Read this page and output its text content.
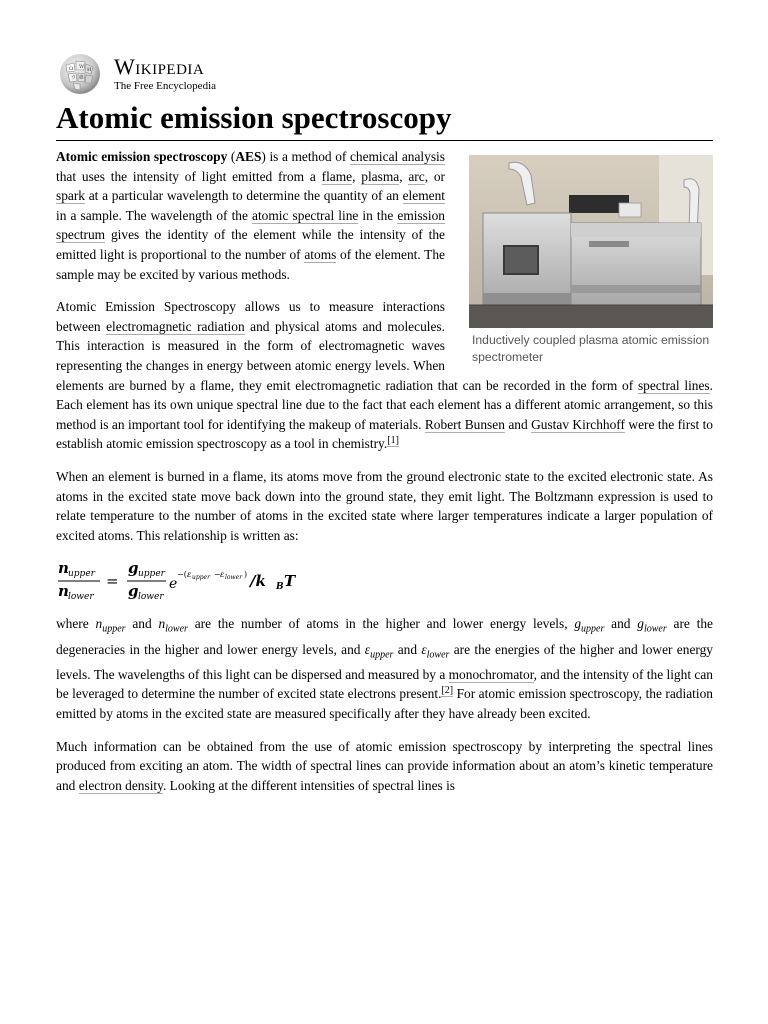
Ω W И
ウ 維 Wikipedia
The Free Encyclopedia
Atomic emission spectroscopy
Inductively coupled plasma atomic emission spectrometer

Atomic emission spectroscopy (AES) is a method of chemical analysis that uses the intensity of light emitted from a flame, plasma, arc, or spark at a particular wavelength to determine the quantity of an element in a sample. The wavelength of the atomic spectral line in the emission spectrum gives the identity of the element while the intensity of the emitted light is proportional to the number of atoms of the element. The sample may be excited by various methods.

Atomic Emission Spectroscopy allows us to measure interactions between electromagnetic radiation and physical atoms and molecules. This interaction is measured in the form of electromagnetic waves representing the changes in energy between atomic energy levels. When elements are burned by a flame, they emit electromagnetic radiation that can be recorded in the form of spectral lines. Each element has its own unique spectral line due to the fact that each element has a different atomic arrangement, so this method is an important tool for identifying the makeup of materials. Robert Bunsen and Gustav Kirchhoff were the first to establish atomic emission spectroscopy as a tool in chemistry.[1]

When an element is burned in a flame, its atoms move from the ground electronic state to the excited electronic state. As atoms in the excited state move back down into the ground state, they emit light. The Boltzmann expression is used to relate temperature to the number of atoms in the excited state where larger temperatures indicate a larger population of excited atoms. This relationship is written as:

n upper
n lower
=
g upper
g lower
e
−( ε upper − ε lower ) /k B T

where $n_{upper}$ and $n_{lower}$ are the number of atoms in the higher and lower energy levels, $g_{upper}$ and $g_{lower}$ are the degeneracies in the higher and lower energy levels, and $\varepsilon_{upper}$ and $\varepsilon_{lower}$ are the energies of the higher and lower energy levels. The wavelengths of this light can be dispersed and measured by a monochromator, and the intensity of the light can be leveraged to determine the number of excited state electrons present.[2] For atomic emission spectroscopy, the radiation emitted by atoms in the excited state are measured specifically after they have already been excited.

Much information can be obtained from the use of atomic emission spectroscopy by interpreting the spectral lines produced from exciting an atom. The width of spectral lines can provide information about an atom’s kinetic temperature and electron density. Looking at the different intensities of spectral lines is
